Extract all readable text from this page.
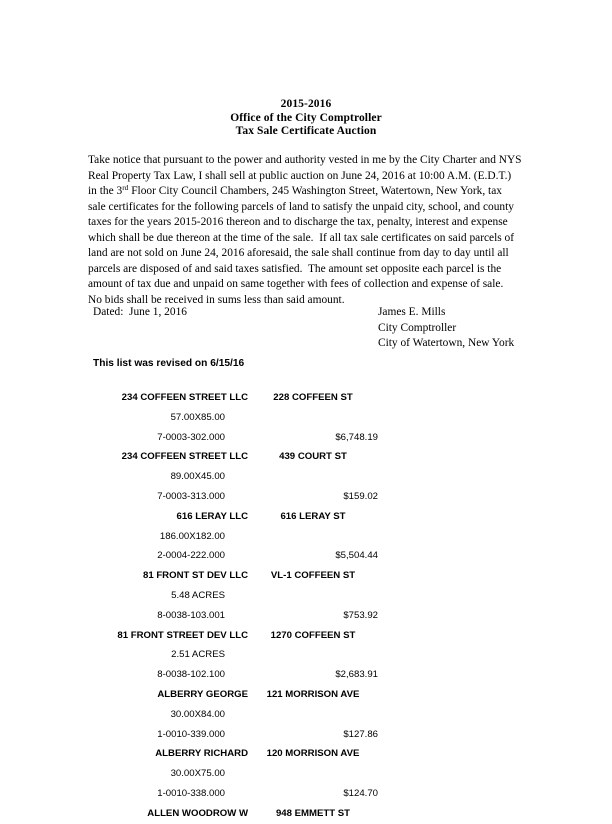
2015-2016
Office of the City Comptroller
Tax Sale Certificate Auction
Take notice that pursuant to the power and authority vested in me by the City Charter and NYS Real Property Tax Law, I shall sell at public auction on June 24, 2016 at 10:00 A.M. (E.D.T.) in the 3rd Floor City Council Chambers, 245 Washington Street, Watertown, New York, tax sale certificates for the following parcels of land to satisfy the unpaid city, school, and county taxes for the years 2015-2016 thereon and to discharge the tax, penalty, interest and expense which shall be due thereon at the time of the sale.  If all tax sale certificates on said parcels of land are not sold on June 24, 2016 aforesaid, the sale shall continue from day to day until all parcels are disposed of and said taxes satisfied.  The amount set opposite each parcel is the amount of tax due and unpaid on same together with fees of collection and expense of sale.  No bids shall be received in sums less than said amount.
Dated:  June 1, 2016	James E. Mills
City Comptroller
City of Watertown, New York
This list was revised on 6/15/16
234 COFFEEN STREET LLC	228 COFFEEN ST
57.00X85.00
7-0003-302.000	$6,748.19
234 COFFEEN STREET LLC	439 COURT ST
89.00X45.00
7-0003-313.000	$159.02
616 LERAY LLC	616 LERAY ST
186.00X182.00
2-0004-222.000	$5,504.44
81 FRONT ST DEV LLC	VL-1 COFFEEN ST
5.48 ACRES
8-0038-103.001	$753.92
81 FRONT STREET DEV LLC	1270 COFFEEN ST
2.51 ACRES
8-0038-102.100	$2,683.91
ALBERRY GEORGE	121 MORRISON AVE
30.00X84.00
1-0010-339.000	$127.86
ALBERRY RICHARD	120 MORRISON AVE
30.00X75.00
1-0010-338.000	$124.70
ALLEN WOODROW W	948 EMMETT ST
